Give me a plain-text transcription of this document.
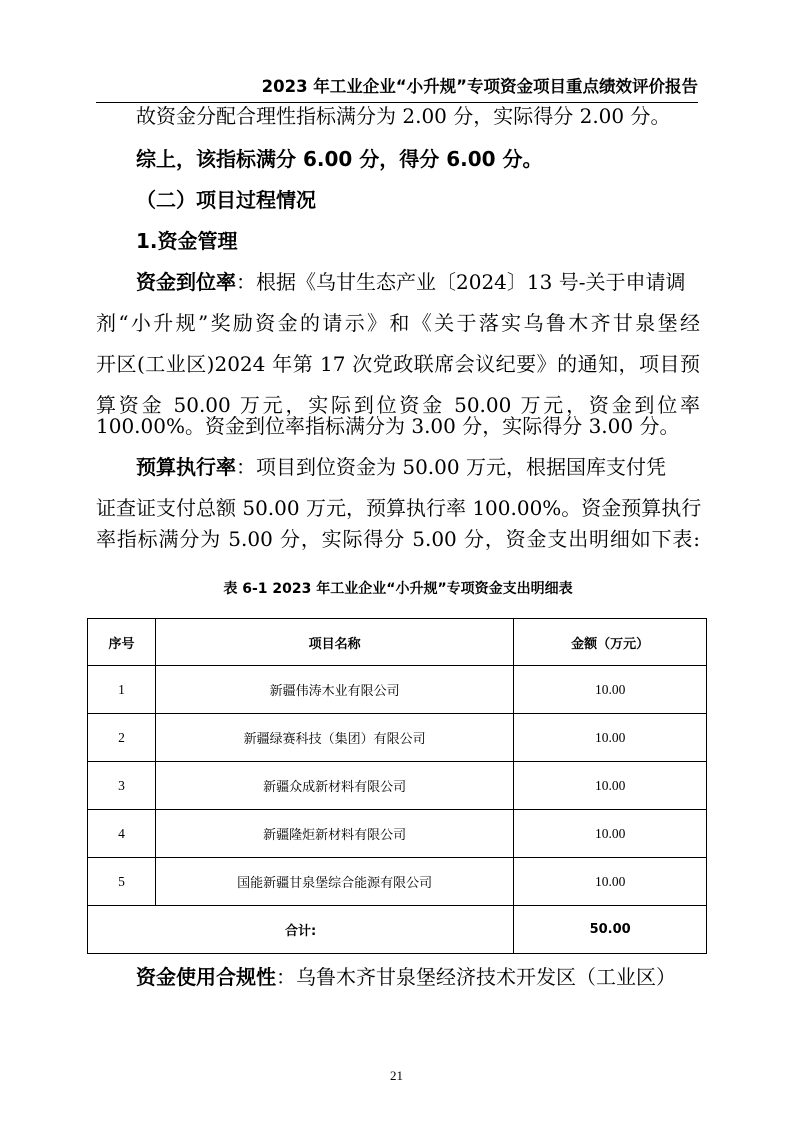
2023 年工业企业“小升规”专项资金项目重点绩效评价报告
故资金分配合理性指标满分为 2.00 分，实际得分 2.00 分。
综上，该指标满分 6.00 分，得分 6.00 分。
（二）项目过程情况
1.资金管理
资金到位率：根据《乌甘生态产业〔2024〕13 号-关于申请调
剂“小升规”奖励资金的请示》和《关于落实乌鲁木齐甘泉堡经
开区(工业区)2024 年第 17 次党政联席会议纪要》的通知，项目预
算资金 50.00 万元，实际到位资金 50.00 万元，资金到位率
100.00%。资金到位率指标满分为 3.00 分，实际得分 3.00 分。
预算执行率：项目到位资金为 50.00 万元，根据国库支付凭
证查证支付总额 50.00 万元，预算执行率 100.00%。资金预算执行
率指标满分为 5.00 分，实际得分 5.00 分，资金支出明细如下表:
表 6-1 2023 年工业企业“小升规”专项资金支出明细表
序号	项目名称	金额（万元）
1	新疆伟涛木业有限公司	10.00
2	新疆绿赛科技（集团）有限公司	10.00
3	新疆众成新材料有限公司	10.00
4	新疆隆炬新材料有限公司	10.00
5	国能新疆甘泉堡综合能源有限公司	10.00
合计:		50.00
资金使用合规性：乌鲁木齐甘泉堡经济技术开发区（工业区）
21
